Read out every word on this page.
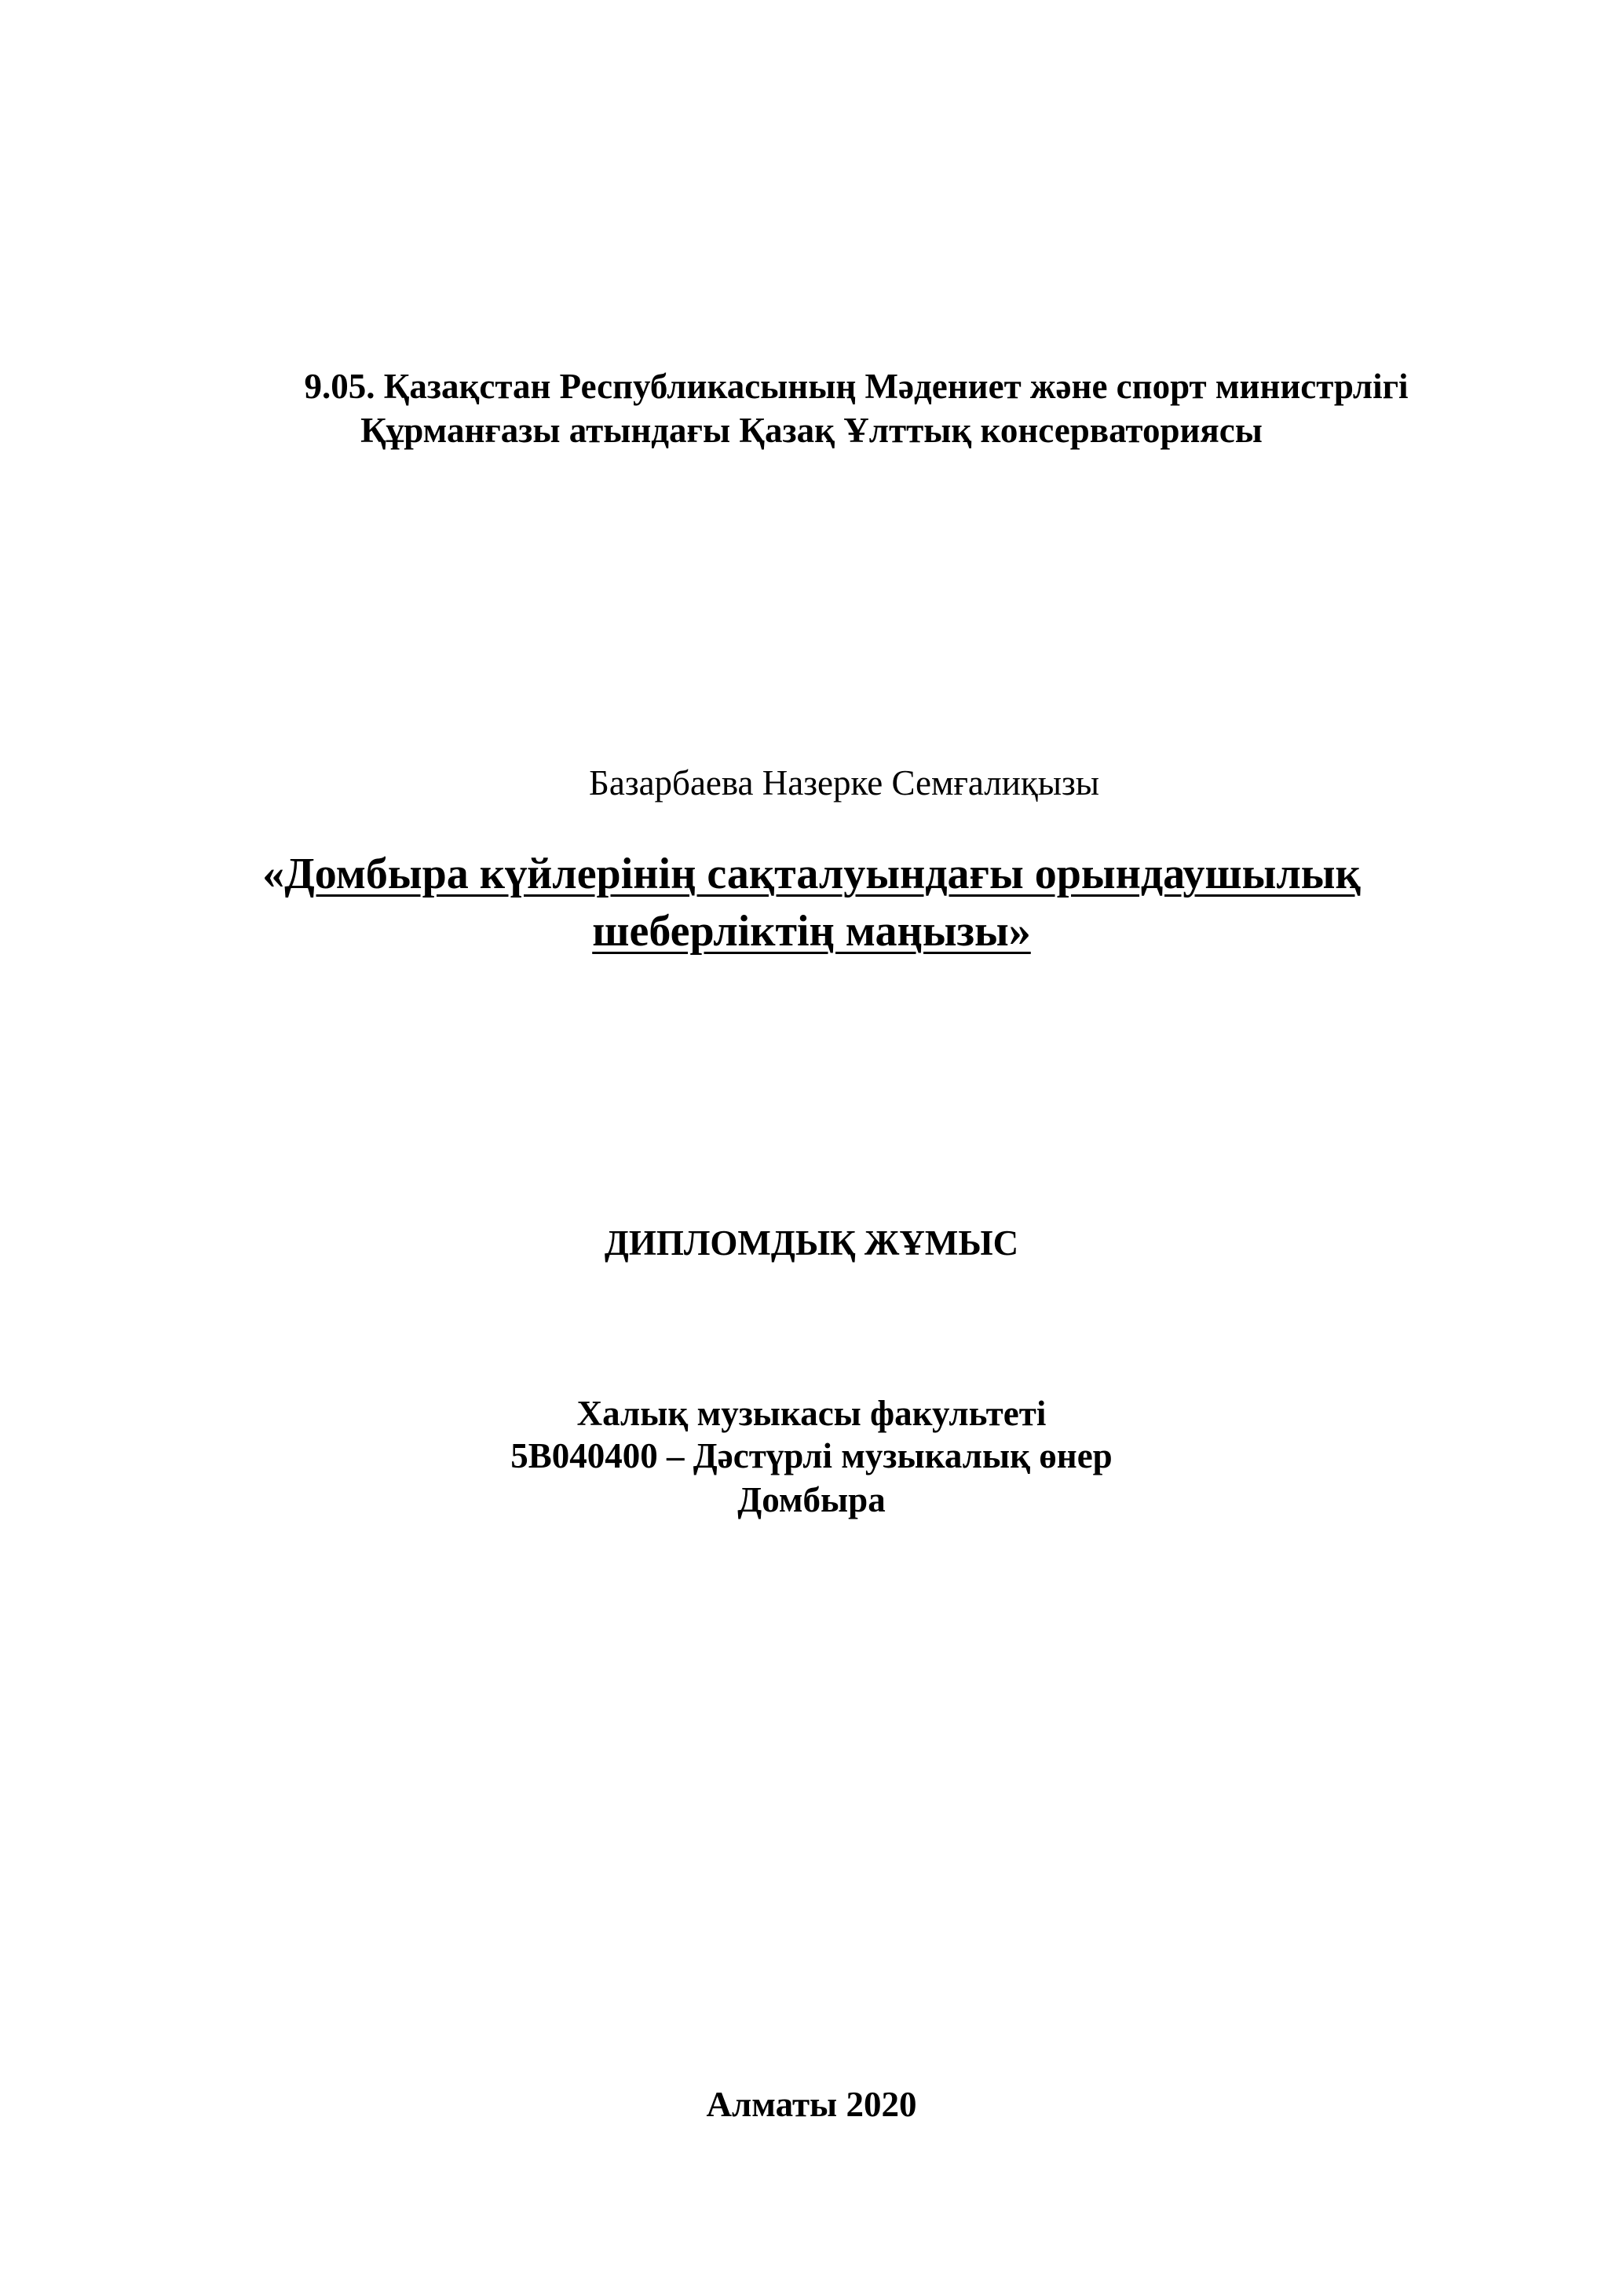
9.05. Қазақстан Республикасының Мәдениет және спорт министрлігі
Құрманғазы атындағы Қазақ Ұлттық консерваториясы
Базарбаева Назерке Семғалиқызы
«Домбыра күйлерінің сақталуындағы орындаушылық
шеберліктің маңызы»
ДИПЛОМДЫҚ ЖҰМЫС
Халық музыкасы факультеті
5B040400 – Дәстүрлі музыкалық өнер
Домбыра
Алматы 2020
